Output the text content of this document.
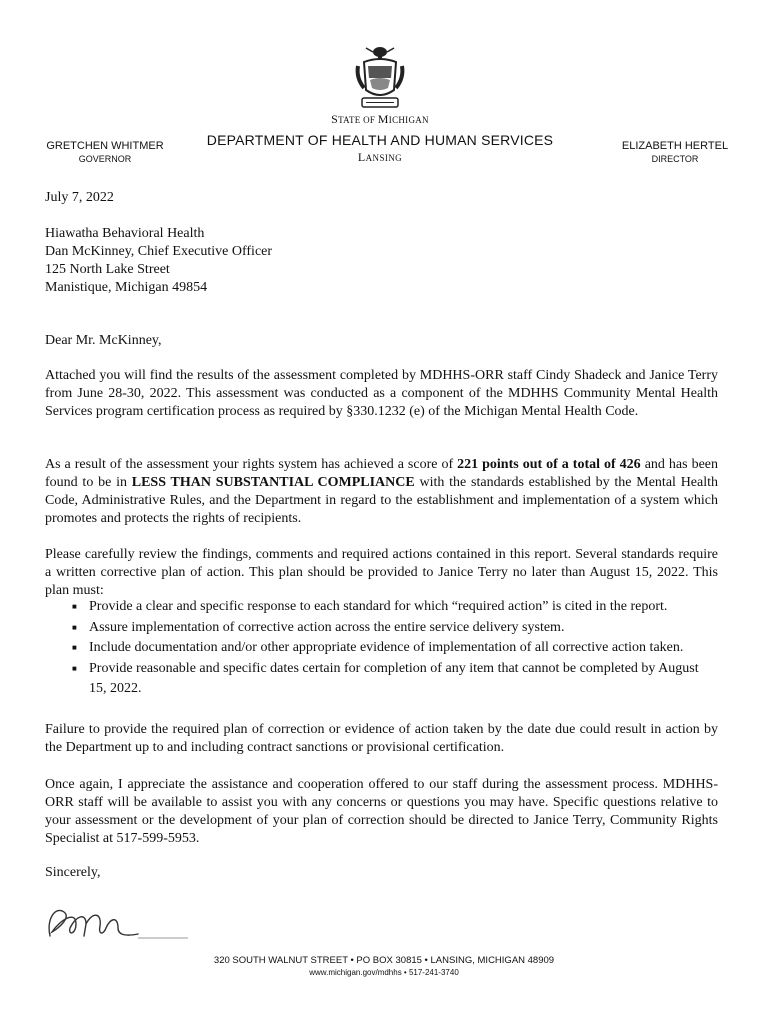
STATE OF MICHIGAN
DEPARTMENT OF HEALTH AND HUMAN SERVICES
LANSING
GRETCHEN WHITMER
GOVERNOR
ELIZABETH HERTEL
DIRECTOR
July 7, 2022
Hiawatha Behavioral Health
Dan McKinney, Chief Executive Officer
125 North Lake Street
Manistique, Michigan 49854
Dear Mr. McKinney,
Attached you will find the results of the assessment completed by MDHHS-ORR staff Cindy Shadeck and Janice Terry from June 28-30, 2022. This assessment was conducted as a component of the MDHHS Community Mental Health Services program certification process as required by §330.1232 (e) of the Michigan Mental Health Code.
As a result of the assessment your rights system has achieved a score of 221 points out of a total of 426 and has been found to be in LESS THAN SUBSTANTIAL COMPLIANCE with the standards established by the Mental Health Code, Administrative Rules, and the Department in regard to the establishment and implementation of a system which promotes and protects the rights of recipients.
Please carefully review the findings, comments and required actions contained in this report. Several standards require a written corrective plan of action. This plan should be provided to Janice Terry no later than August 15, 2022. This plan must:
■ Provide a clear and specific response to each standard for which “required action” is cited in the report.
■ Assure implementation of corrective action across the entire service delivery system.
■ Include documentation and/or other appropriate evidence of implementation of all corrective action taken.
■ Provide reasonable and specific dates certain for completion of any item that cannot be completed by August 15, 2022.
Failure to provide the required plan of correction or evidence of action taken by the date due could result in action by the Department up to and including contract sanctions or provisional certification.
Once again, I appreciate the assistance and cooperation offered to our staff during the assessment process. MDHHS-ORR staff will be available to assist you with any concerns or questions you may have. Specific questions relative to your assessment or the development of your plan of correction should be directed to Janice Terry, Community Rights Specialist at 517-599-5953.
Sincerely,
320 SOUTH WALNUT STREET • PO BOX 30815 • LANSING, MICHIGAN 48909
www.michigan.gov/mdhhs • 517-241-3740
